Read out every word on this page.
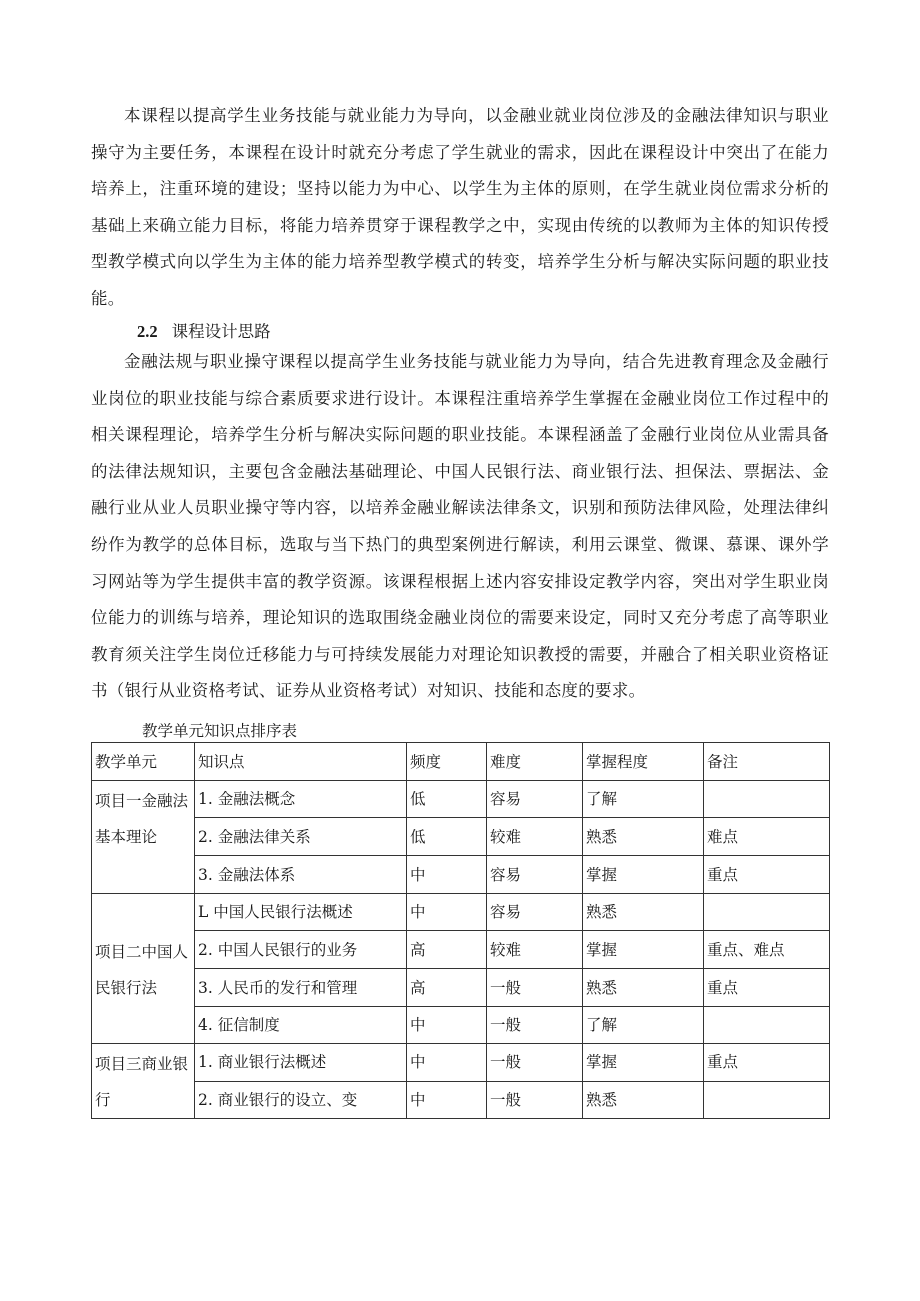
本课程以提高学生业务技能与就业能力为导向，以金融业就业岗位涉及的金融法律知识与职业操守为主要任务，本课程在设计时就充分考虑了学生就业的需求，因此在课程设计中突出了在能力培养上，注重环境的建设；坚持以能力为中心、以学生为主体的原则，在学生就业岗位需求分析的基础上来确立能力目标，将能力培养贯穿于课程教学之中，实现由传统的以教师为主体的知识传授型教学模式向以学生为主体的能力培养型教学模式的转变，培养学生分析与解决实际问题的职业技能。

2.2 课程设计思路

金融法规与职业操守课程以提高学生业务技能与就业能力为导向，结合先进教育理念及金融行业岗位的职业技能与综合素质要求进行设计。本课程注重培养学生掌握在金融业岗位工作过程中的相关课程理论，培养学生分析与解决实际问题的职业技能。本课程涵盖了金融行业岗位从业需具备的法律法规知识，主要包含金融法基础理论、中国人民银行法、商业银行法、担保法、票据法、金融行业从业人员职业操守等内容，以培养金融业解读法律条文，识别和预防法律风险，处理法律纠纷作为教学的总体目标，选取与当下热门的典型案例进行解读，利用云课堂、微课、慕课、课外学习网站等为学生提供丰富的教学资源。该课程根据上述内容安排设定教学内容，突出对学生职业岗位能力的训练与培养，理论知识的选取围绕金融业岗位的需要来设定，同时又充分考虑了高等职业教育须关注学生岗位迁移能力与可持续发展能力对理论知识教授的需要，并融合了相关职业资格证书（银行从业资格考试、证券从业资格考试）对知识、技能和态度的要求。

教学单元知识点排序表
教学单元	知识点	频度	难度	掌握程度	备注
项目一金融法基本理论	1. 金融法概念	低	容易	了解	
	2. 金融法律关系	低	较难	熟悉	难点
	3. 金融法体系	中	容易	掌握	重点
项目二中国人民银行法	L 中国人民银行法概述	中	容易	熟悉	
	2. 中国人民银行的业务	高	较难	掌握	重点、难点
	3. 人民币的发行和管理	高	一般	熟悉	重点
	4. 征信制度	中	一般	了解	
项目三商业银行	1. 商业银行法概述	中	一般	掌握	重点
	2. 商业银行的设立、变	中	一般	熟悉	
